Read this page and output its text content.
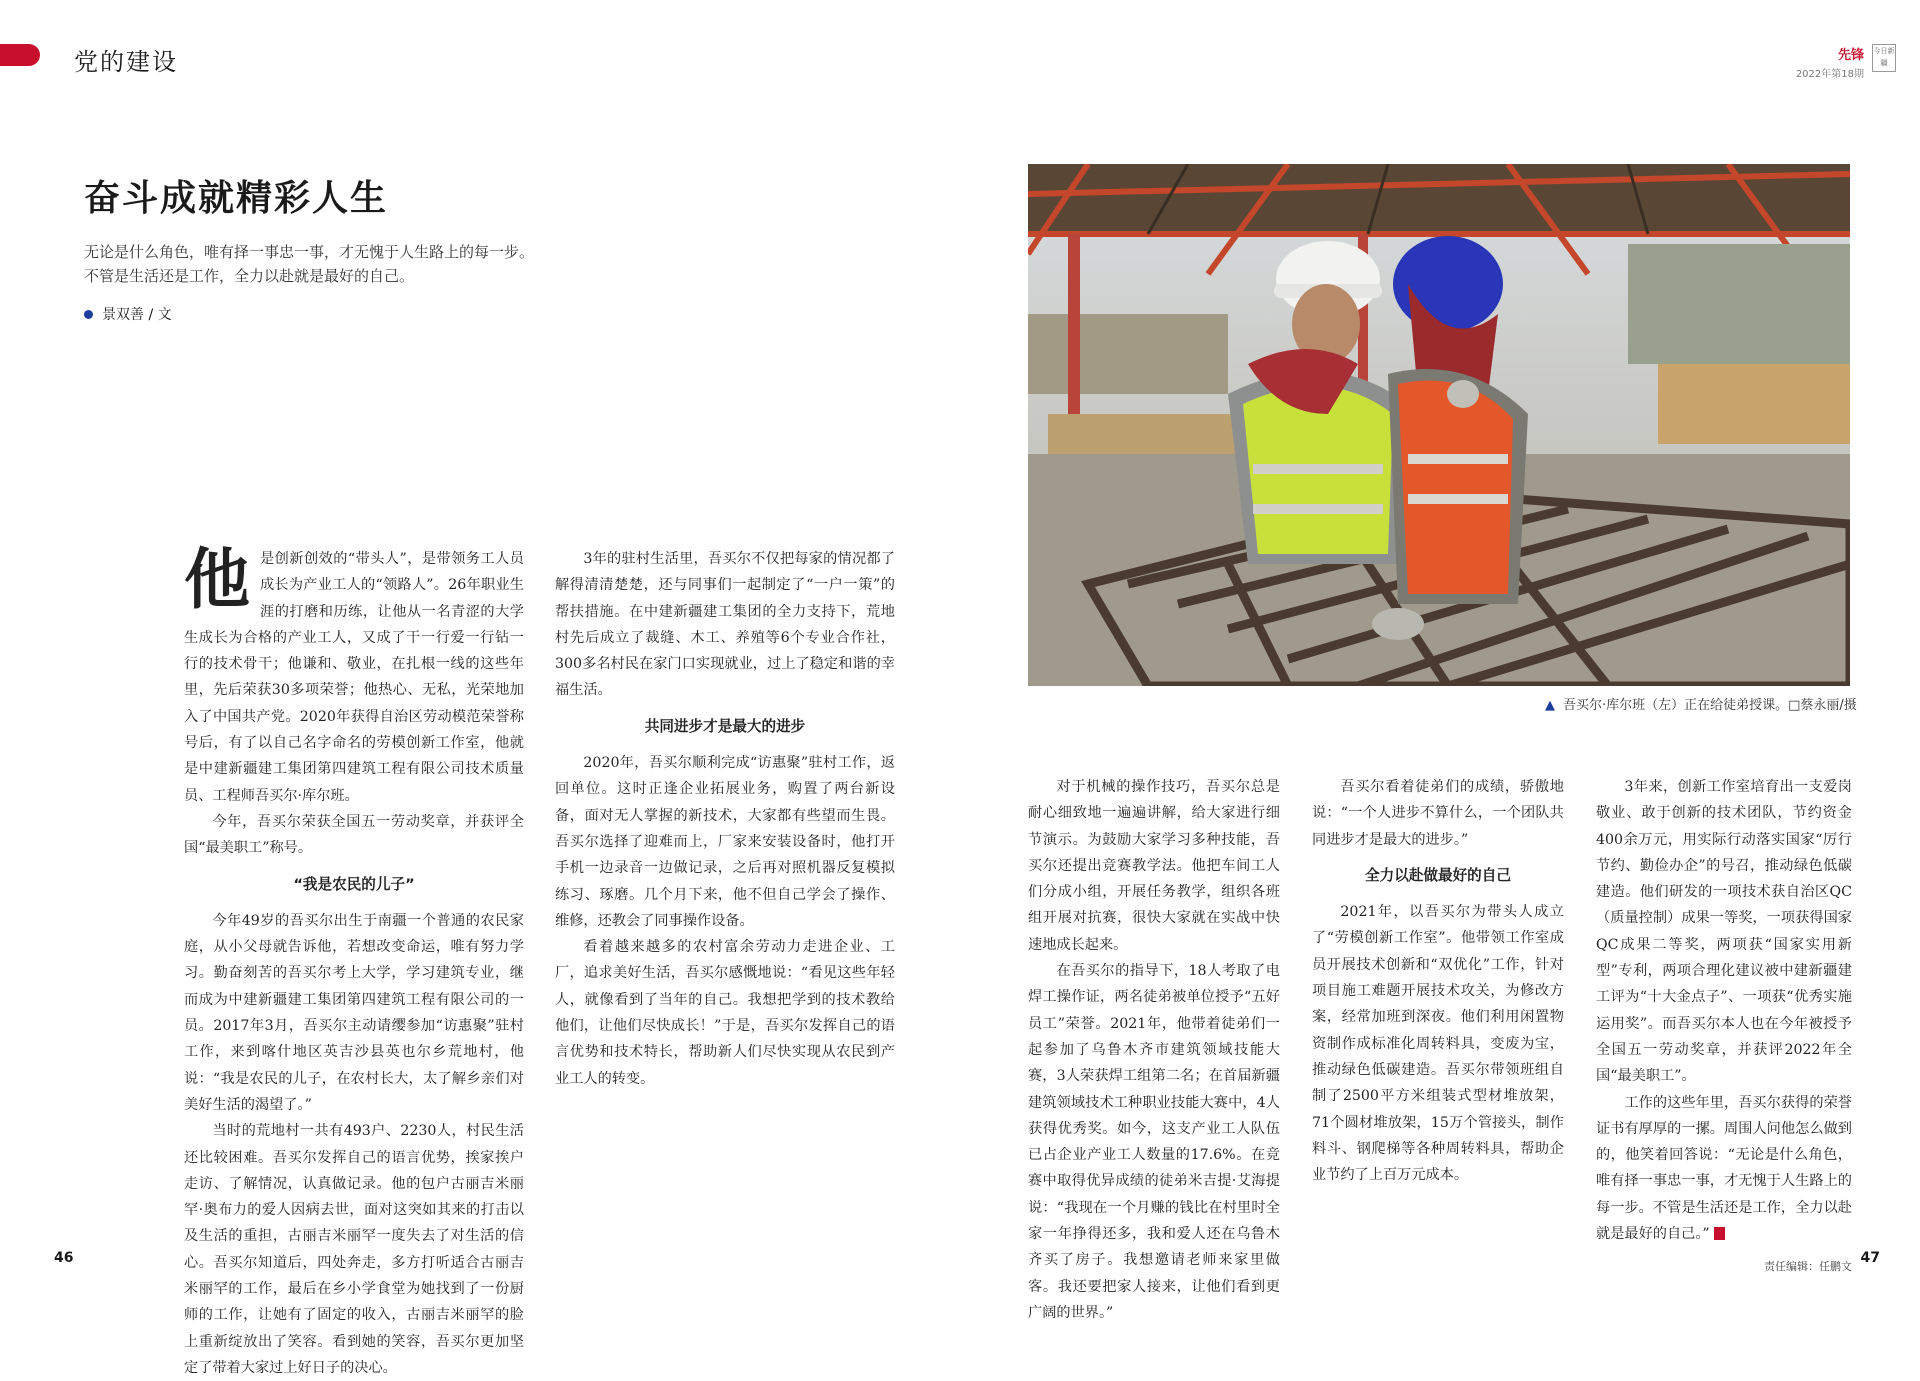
党的建设	先锋
2022年第18期
今日新疆
奋斗成就精彩人生
无论是什么角色，唯有择一事忠一事，才无愧于人生路上的每一步。
不管是生活还是工作，全力以赴就是最好的自己。
景双善 / 文
他 是创新创效的“带头人”，是带领务工人员成长为产业工人的“领路人”。26年职业生涯的打磨和历练，让他从一名青涩的大学生成长为合格的产业工人，又成了干一行爱一行钻一行的技术骨干；他谦和、敬业，在扎根一线的这些年里，先后荣获30多项荣誉；他热心、无私，光荣地加入了中国共产党。2020年获得自治区劳动模范荣誉称号后，有了以自己名字命名的劳模创新工作室，他就是中建新疆建工集团第四建筑工程有限公司技术质量员、工程师吾买尔·库尔班。

今年，吾买尔荣获全国五一劳动奖章，并获评全国“最美职工”称号。

“我是农民的儿子”

今年49岁的吾买尔出生于南疆一个普通的农民家庭，从小父母就告诉他，若想改变命运，唯有努力学习。勤奋刻苦的吾买尔考上大学，学习建筑专业，继而成为中建新疆建工集团第四建筑工程有限公司的一员。2017年3月，吾买尔主动请缨参加“访惠聚”驻村工作，来到喀什地区英吉沙县英也尔乡荒地村，他说：“我是农民的儿子，在农村长大，太了解乡亲们对美好生活的渴望了。”

当时的荒地村一共有493户、2230人，村民生活还比较困难。吾买尔发挥自己的语言优势，挨家挨户走访、了解情况，认真做记录。他的包户古丽吉米丽罕·奥布力的爱人因病去世，面对这突如其来的打击以及生活的重担，古丽吉米丽罕一度失去了对生活的信心。吾买尔知道后，四处奔走，多方打听适合古丽吉米丽罕的工作，最后在乡小学食堂为她找到了一份厨师的工作，让她有了固定的收入，古丽吉米丽罕的脸上重新绽放出了笑容。看到她的笑容，吾买尔更加坚定了带着大家过上好日子的决心。

3年的驻村生活里，吾买尔不仅把每家的情况都了解得清清楚楚，还与同事们一起制定了“一户一策”的帮扶措施。在中建新疆建工集团的全力支持下，荒地村先后成立了裁缝、木工、养殖等6个专业合作社，300多名村民在家门口实现就业，过上了稳定和谐的幸福生活。

共同进步才是最大的进步

2020年，吾买尔顺利完成“访惠聚”驻村工作，返回单位。这时正逢企业拓展业务，购置了两台新设备，面对无人掌握的新技术，大家都有些望而生畏。吾买尔选择了迎难而上，厂家来安装设备时，他打开手机一边录音一边做记录，之后再对照机器反复模拟练习、琢磨。几个月下来，他不但自己学会了操作、维修，还教会了同事操作设备。

看着越来越多的农村富余劳动力走进企业、工厂，追求美好生活，吾买尔感慨地说：“看见这些年轻人，就像看到了当年的自己。我想把学到的技术教给他们，让他们尽快成长！”于是，吾买尔发挥自己的语言优势和技术特长，帮助新人们尽快实现从农民到产业工人的转变。

对于机械的操作技巧，吾买尔总是耐心细致地一遍遍讲解，给大家进行细节演示。为鼓励大家学习多种技能，吾买尔还提出竞赛教学法。他把车间工人们分成小组，开展任务教学，组织各班组开展对抗赛，很快大家就在实战中快速地成长起来。

在吾买尔的指导下，18人考取了电焊工操作证，两名徒弟被单位授予“五好员工”荣誉。2021年，他带着徒弟们一起参加了乌鲁木齐市建筑领域技能大赛，3人荣获焊工组第二名；在首届新疆建筑领域技术工种职业技能大赛中，4人获得优秀奖。如今，这支产业工人队伍已占企业产业工人数量的17.6%。在竞赛中取得优异成绩的徒弟米吉提·艾海提说：“我现在一个月赚的钱比在村里时全家一年挣得还多，我和爱人还在乌鲁木齐买了房子。我想邀请老师来家里做客。我还要把家人接来，让他们看到更广阔的世界。”

吾买尔看着徒弟们的成绩，骄傲地说：“一个人进步不算什么，一个团队共同进步才是最大的进步。”

全力以赴做最好的自己

2021年，以吾买尔为带头人成立了“劳模创新工作室”。他带领工作室成员开展技术创新和“双优化”工作，针对项目施工难题开展技术攻关，为修改方案，经常加班到深夜。他们利用闲置物资制作成标准化周转料具，变废为宝，推动绿色低碳建造。吾买尔带领班组自制了2500平方米组装式型材堆放架，71个圆材堆放架，15万个管接头，制作料斗、钢爬梯等各种周转料具，帮助企业节约了上百万元成本。

3年来，创新工作室培育出一支爱岗敬业、敢于创新的技术团队，节约资金400余万元，用实际行动落实国家“厉行节约、勤俭办企”的号召，推动绿色低碳建造。他们研发的一项技术获自治区QC（质量控制）成果一等奖，一项获得国家QC成果二等奖，两项获“国家实用新型”专利，两项合理化建议被中建新疆建工评为“十大金点子”、一项获“优秀实施运用奖”。而吾买尔本人也在今年被授予全国五一劳动奖章，并获评2022年全国“最美职工”。

工作的这些年里，吾买尔获得的荣誉证书有厚厚的一摞。周围人问他怎么做到的，他笑着回答说：“无论是什么角色，唯有择一事忠一事，才无愧于人生路上的每一步。不管是生活还是工作，全力以赴就是最好的自己。”

▲ 吾买尔·库尔班（左）正在给徒弟授课。□蔡永丽/摄
责任编辑：任鹏文
46	47
